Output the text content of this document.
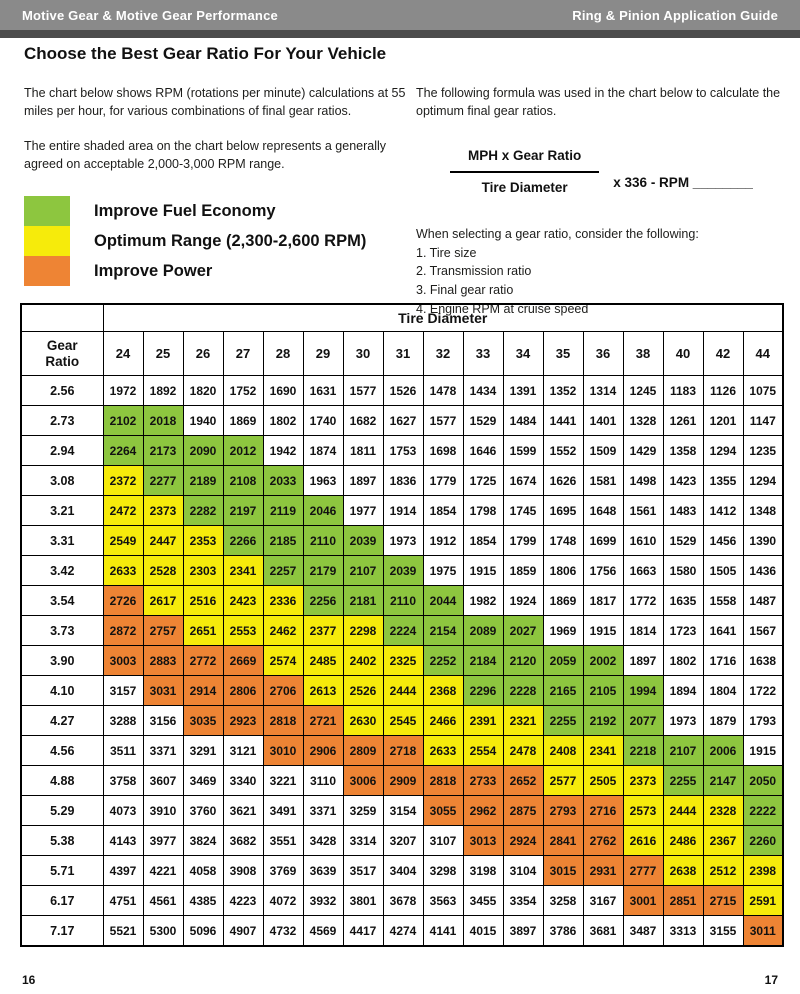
Motive Gear & Motive Gear Performance	Ring & Pinion Application Guide
Choose the Best Gear Ratio For Your Vehicle

The chart below shows RPM (rotations per minute) calculations at 55 miles per hour, for various combinations of final gear ratios.

The entire shaded area on the chart below represents a generally agreed on acceptable 2,000-3,000 RPM range.

Improve Fuel Economy
Optimum Range (2,300-2,600 RPM)
Improve Power

The following formula was used in the chart below to calculate the optimum final gear ratios.

$\frac{\text{MPH x Gear Ratio}}{\text{Tire Diameter}}$ x 336 - RPM ________

When selecting a gear ratio, consider the following:

1. Tire size

2. Transmission ratio

3. Final gear ratio

4. Engine RPM at cruise speed

	Tire Diameter																

Gear
Ratio	24	25	26	27	28	29	30	31	32	33	34	35	36	38	40	42	44
2.56	1972	1892	1820	1752	1690	1631	1577	1526	1478	1434	1391	1352	1314	1245	1183	1126	1075
2.73	2102	2018	1940	1869	1802	1740	1682	1627	1577	1529	1484	1441	1401	1328	1261	1201	1147
2.94	2264	2173	2090	2012	1942	1874	1811	1753	1698	1646	1599	1552	1509	1429	1358	1294	1235
3.08	2372	2277	2189	2108	2033	1963	1897	1836	1779	1725	1674	1626	1581	1498	1423	1355	1294
3.21	2472	2373	2282	2197	2119	2046	1977	1914	1854	1798	1745	1695	1648	1561	1483	1412	1348
3.31	2549	2447	2353	2266	2185	2110	2039	1973	1912	1854	1799	1748	1699	1610	1529	1456	1390
3.42	2633	2528	2303	2341	2257	2179	2107	2039	1975	1915	1859	1806	1756	1663	1580	1505	1436
3.54	2726	2617	2516	2423	2336	2256	2181	2110	2044	1982	1924	1869	1817	1772	1635	1558	1487
3.73	2872	2757	2651	2553	2462	2377	2298	2224	2154	2089	2027	1969	1915	1814	1723	1641	1567
3.90	3003	2883	2772	2669	2574	2485	2402	2325	2252	2184	2120	2059	2002	1897	1802	1716	1638
4.10	3157	3031	2914	2806	2706	2613	2526	2444	2368	2296	2228	2165	2105	1994	1894	1804	1722
4.27	3288	3156	3035	2923	2818	2721	2630	2545	2466	2391	2321	2255	2192	2077	1973	1879	1793
4.56	3511	3371	3291	3121	3010	2906	2809	2718	2633	2554	2478	2408	2341	2218	2107	2006	1915
4.88	3758	3607	3469	3340	3221	3110	3006	2909	2818	2733	2652	2577	2505	2373	2255	2147	2050
5.29	4073	3910	3760	3621	3491	3371	3259	3154	3055	2962	2875	2793	2716	2573	2444	2328	2222
5.38	4143	3977	3824	3682	3551	3428	3314	3207	3107	3013	2924	2841	2762	2616	2486	2367	2260
5.71	4397	4221	4058	3908	3769	3639	3517	3404	3298	3198	3104	3015	2931	2777	2638	2512	2398
6.17	4751	4561	4385	4223	4072	3932	3801	3678	3563	3455	3354	3258	3167	3001	2851	2715	2591
7.17	5521	5300	5096	4907	4732	4569	4417	4274	4141	4015	3897	3786	3681	3487	3313	3155	3011
16	17
